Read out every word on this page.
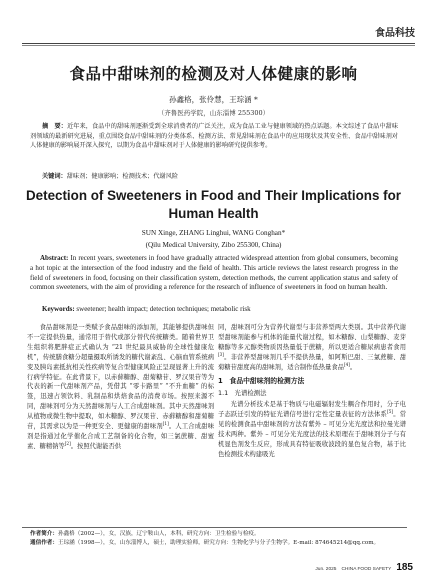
食品科技
食品中甜味剂的检测及对人体健康的影响
孙鑫格，张伶慧，王琮涵 *
（齐鲁医药学院，山东淄博 255300）
摘　要：近年来，食品中的甜味剂逐渐受到全球消费者的广泛关注，成为食品工业与健康领域的热点话题。本文综述了食品中甜味剂领域的最新研究进展，重点围绕食品中甜味剂的分类体系、检测方法、常见甜味剂在食品中的应用现状及其安全性、食品中甜味剂对人体健康的影响展开深入探究，以期为食品中甜味剂对于人体健康的影响研究提供参考。
关键词：甜味剂；健康影响；检测技术；代谢风险
Detection of Sweeteners in Food and Their Implications for
Human Health
SUN Xinge, ZHANG Linghui, WANG Conghan*
(Qilu Medical University, Zibo 255300, China)
Abstract: In recent years, sweeteners in food have gradually attracted widespread attention from global consumers, becoming a hot topic at the intersection of the food industry and the field of health. This article reviews the latest research progress in the field of sweeteners in food, focusing on their classification system, detection methods, the current application status and safety of common sweeteners, with the aim of providing a reference for the research of influence of sweeteners in food on human health.
Keywords: sweetener; health impact; detection techniques; metabolic risk

食品甜味剂是一类赋予食品甜味的添加剂，其能够提供甜味但不一定提供热量，通常用于替代或部分替代传统糖类。随着世界卫生组织将肥胖症正式确认为 “21 世纪最具威胁的全球性健康危机”，传统膳食糖分超量摄取所诱发的糖代谢紊乱、心脑血管系统病变及胰岛素抵抗相关性疾病等复合型健康风险正呈现显著上升的流行病学特征。在此背景下，以赤藓糖醇、甜菊糖苷、罗汉果苷等为代表的新一代甜味剂产品，凭借其 “零卡路里” “不升血糖” 的标签，迅速占领饮料、乳制品和烘焙食品的消费市场。按照来源不同，甜味剂可分为天然甜味剂与人工合成甜味剂。其中天然甜味剂从植物或微生物中提取，如木糖醇、罗汉果苷、赤藓糖醇和甜菊糖苷，其需求以为是一种更安全、更健康的甜味剂[1]。人工合成甜味剂是指通过化学催化合成工艺制备的化合物，如三氯蔗糖、甜蜜素、糖精钠等[2]。按照代谢能否供

同，甜味剂可分为营养代谢型与非营养型两大类别。其中营养代谢型甜味剂能参与机体的能量代谢过程，如木糖醇、山梨糖醇、麦芽糖醇等多元醇类物质因热量低于蔗糖，所以更适合糖尿病患者食用[3]。非营养型甜味剂几乎不提供热量，如阿斯巴甜、三氯蔗糖、甜菊糖苷甜度高的甜味剂，适合制作低热量食品[4]。

1　食品中甜味剂的检测方法
1.1　光谱检测法

光谱分析技术是基于物质与电磁辐射发生耦合作用时，分子电子态跃迁引发的特征光谱信号进行定性定量表征的方法体系[5]。常见的检测食品中甜味剂的方法有紫外 – 可见分光光度法和拉曼光谱技术两种。紫外 – 可见分光光度法的技术原理在于甜味剂分子与有机显色剂发生反应，形成具有特征吸收波段的显色复合物，基于比色检测技术构建吸光

作者简介：孙鑫格（2002—），女，汉族，辽宁鞍山人，本科，研究方向：卫生检验与检疫。
通信作者：王琮涵（1998—），女，山东淄博人，硕士，助理实验师，研究方向：生物化学与分子生物学。E-mail: 874645214@qq.com。
Jun. 2025 CHINA FOOD SAFETY 185
